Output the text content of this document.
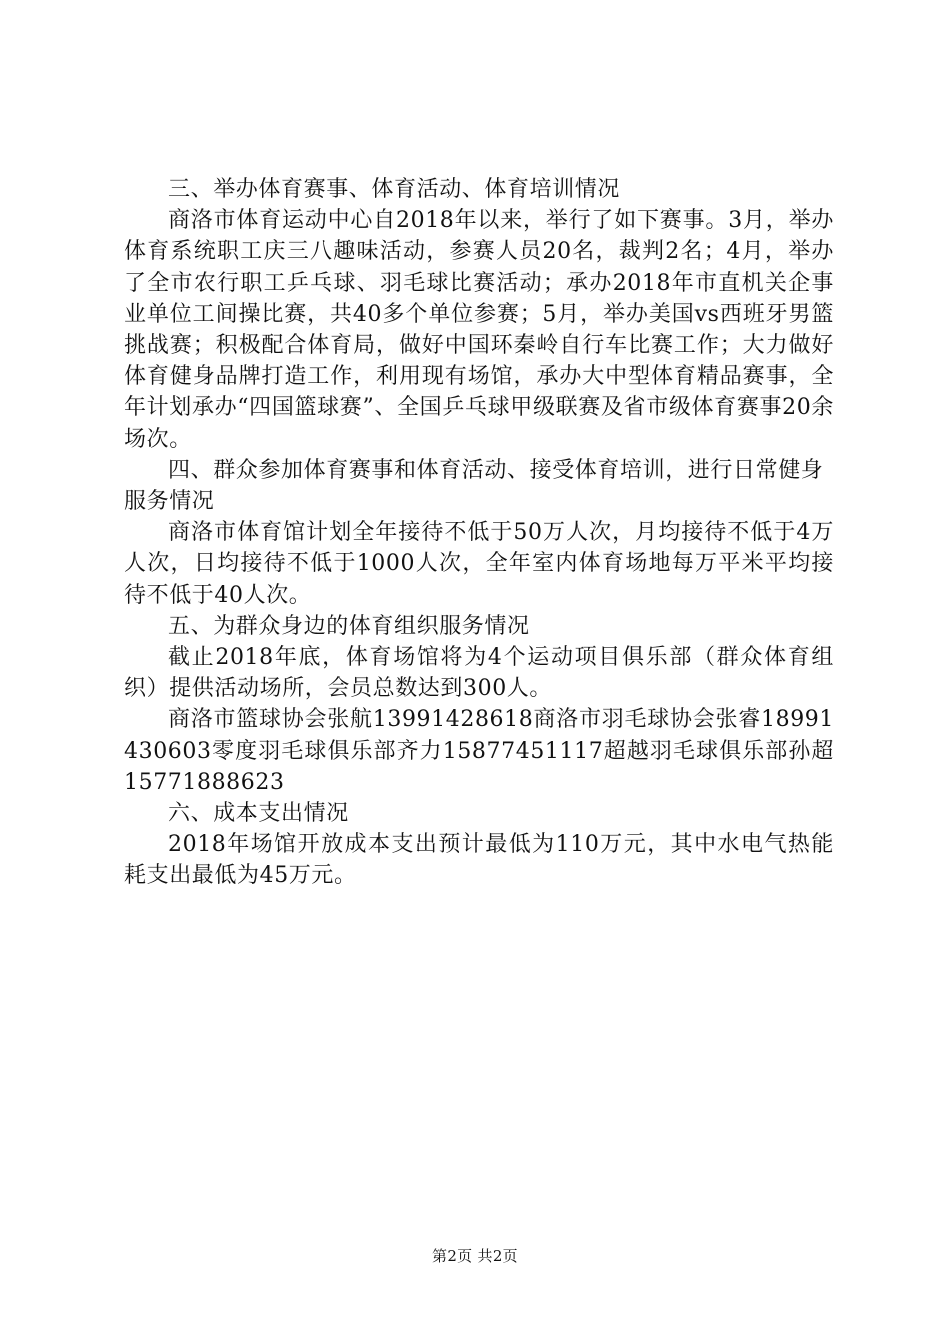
三、举办体育赛事、体育活动、体育培训情况

商洛市体育运动中心自2018年以来，举行了如下赛事。3月，举办体育系统职工庆三八趣味活动，参赛人员20名，裁判2名；4月，举办了全市农行职工乒乓球、羽毛球比赛活动；承办2018年市直机关企事业单位工间操比赛，共40多个单位参赛；5月，举办美国vs西班牙男篮挑战赛；积极配合体育局，做好中国环秦岭自行车比赛工作；大力做好体育健身品牌打造工作，利用现有场馆，承办大中型体育精品赛事，全年计划承办“四国篮球赛”、全国乒乓球甲级联赛及省市级体育赛事20余场次。

四、群众参加体育赛事和体育活动、接受体育培训，进行日常健身服务情况

商洛市体育馆计划全年接待不低于50万人次，月均接待不低于4万人次，日均接待不低于1000人次，全年室内体育场地每万平米平均接待不低于40人次。

五、为群众身边的体育组织服务情况

截止2018年底，体育场馆将为4个运动项目俱乐部（群众体育组织）提供活动场所，会员总数达到300人。

商洛市篮球协会张航13991428618商洛市羽毛球协会张睿18991430603零度羽毛球俱乐部齐力15877451117超越羽毛球俱乐部孙超15771888623

六、成本支出情况

2018年场馆开放成本支出预计最低为110万元，其中水电气热能耗支出最低为45万元。

第2页 共2页
